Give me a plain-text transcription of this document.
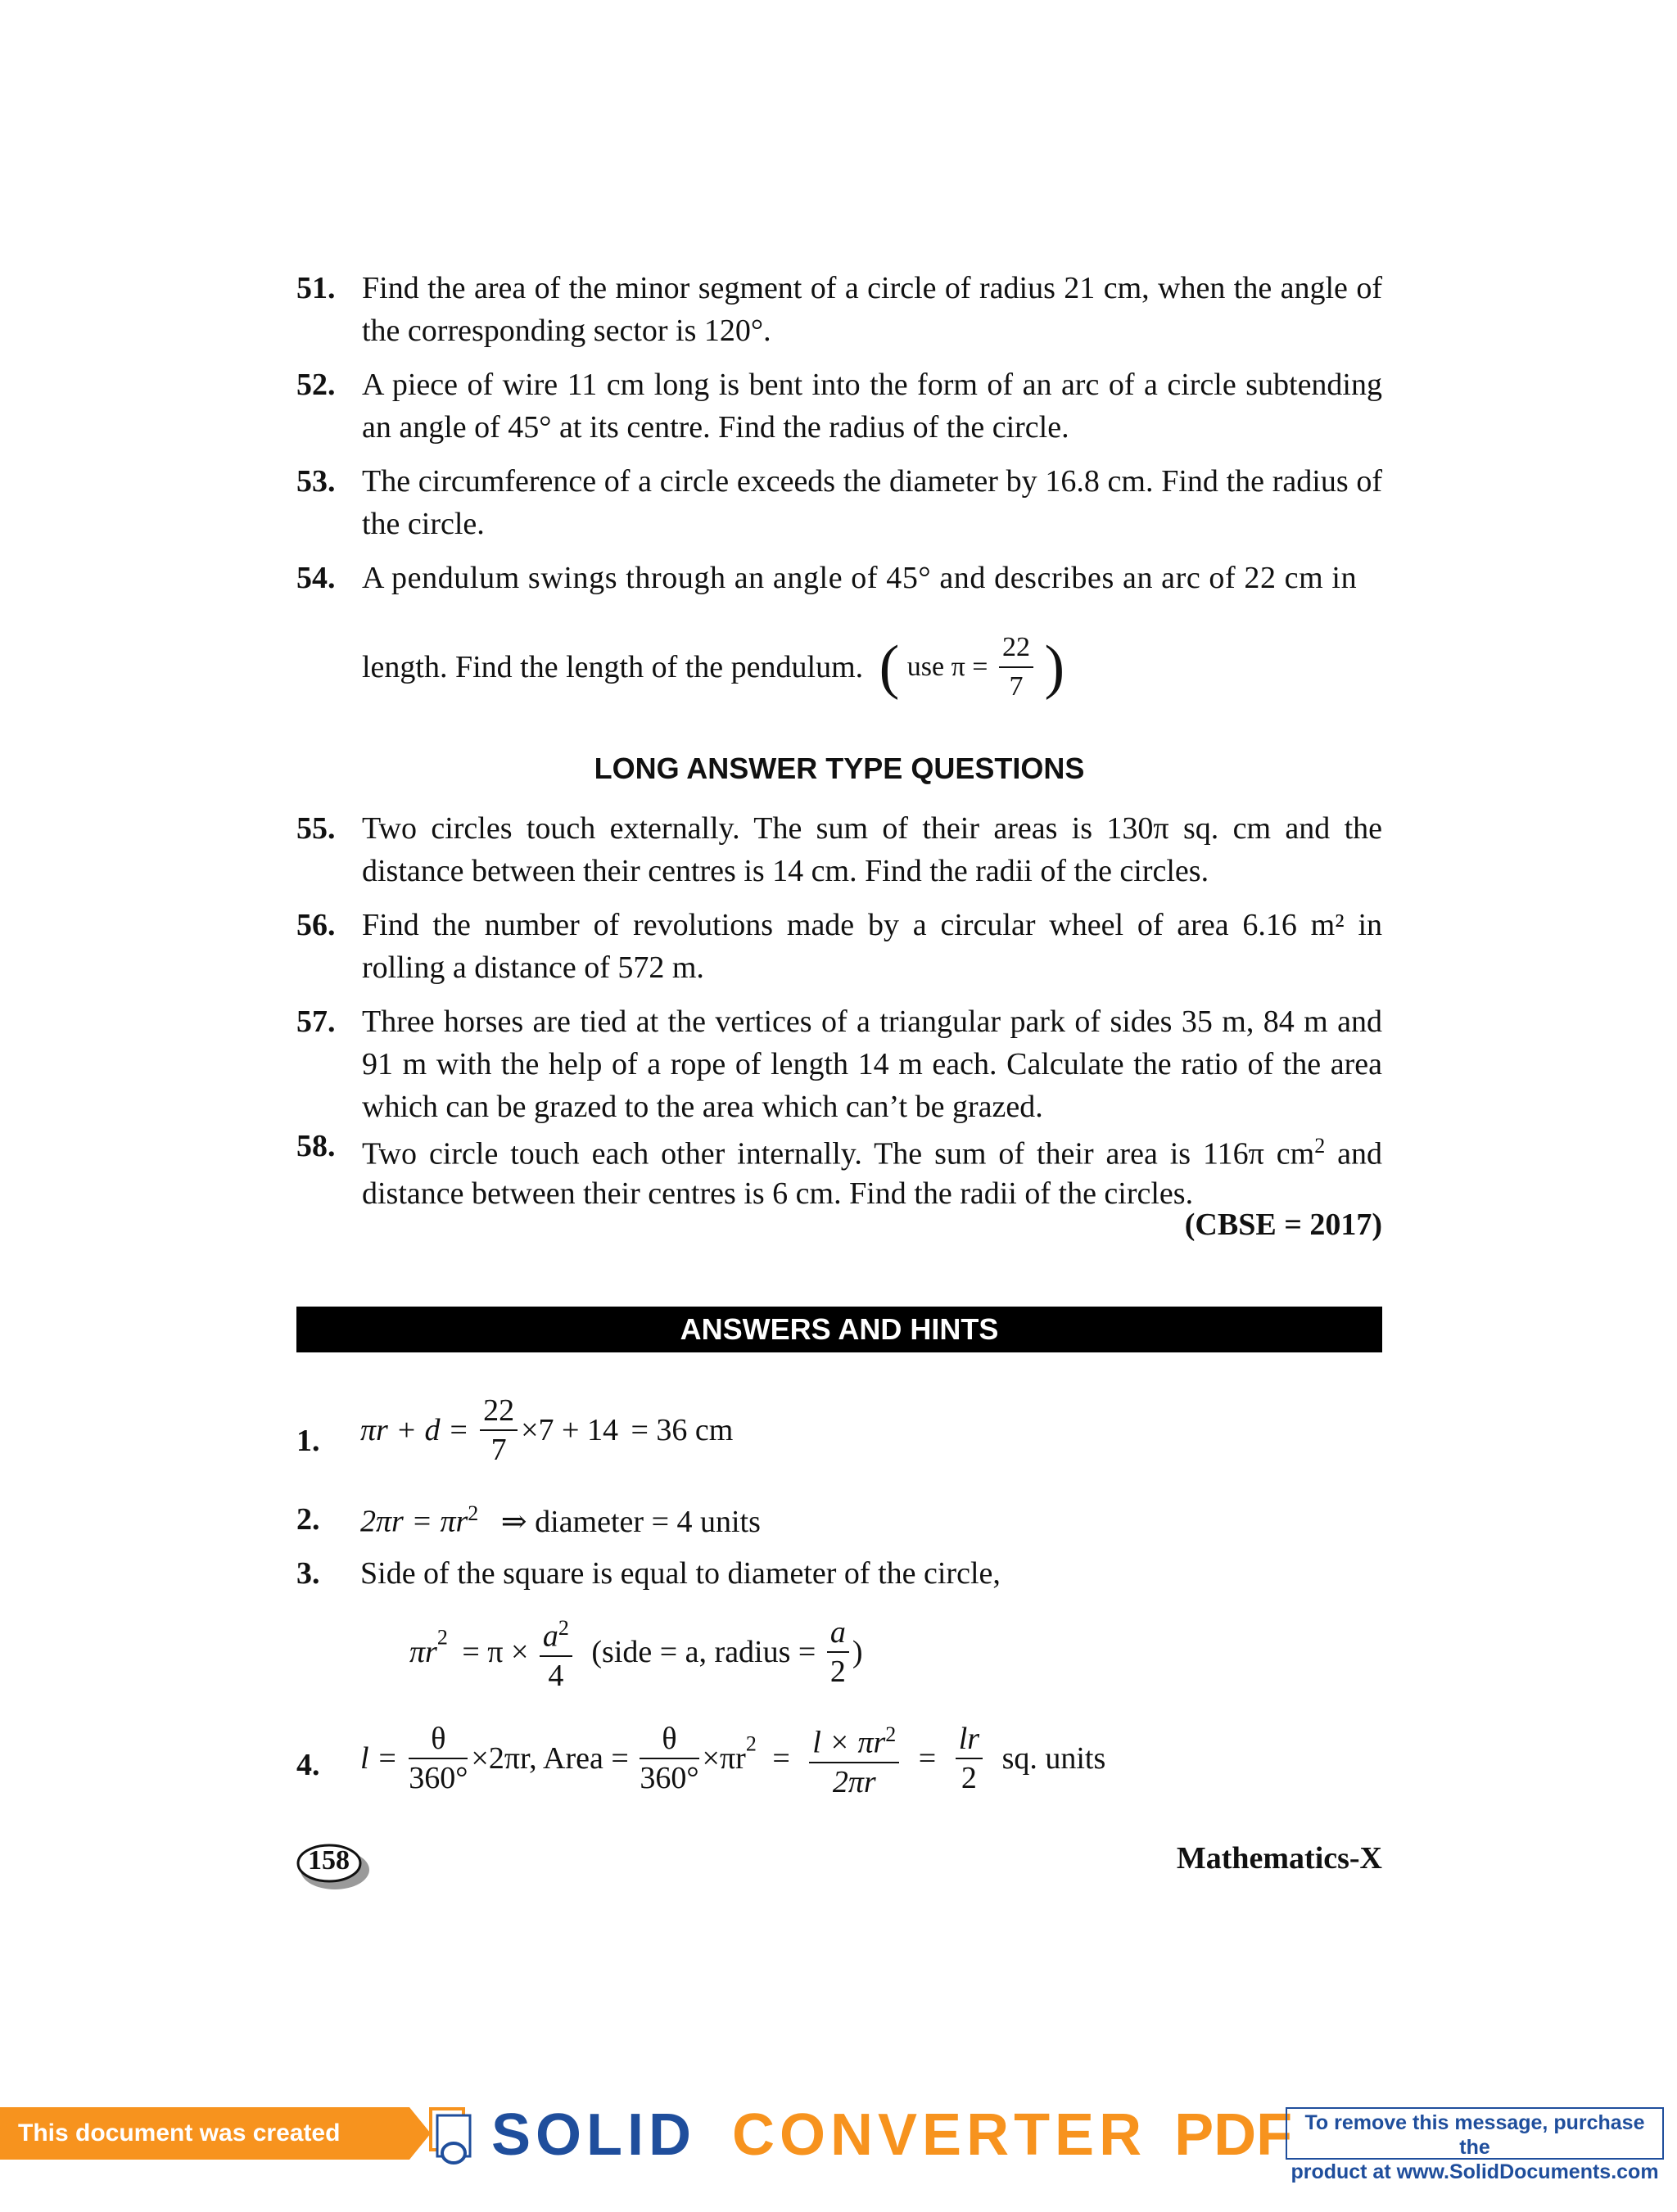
51. Find the area of the minor segment of a circle of radius 21 cm, when the angle of the corresponding sector is 120°.
52. A piece of wire 11 cm long is bent into the form of an arc of a circle subtending an angle of 45° at its centre. Find the radius of the circle.
53. The circumference of a circle exceeds the diameter by 16.8 cm. Find the radius of the circle.
54. A pendulum swings through an angle of 45° and describes an arc of 22 cm in
length. Find the length of the pendulum. ( use $\pi = \frac{22}{7}$ )
LONG ANSWER TYPE QUESTIONS
55. Two circles touch externally. The sum of their areas is 130π sq. cm and the distance between their centres is 14 cm. Find the radii of the circles.
56. Find the number of revolutions made by a circular wheel of area 6.16 m² in rolling a distance of 572 m.
57. Three horses are tied at the vertices of a triangular park of sides 35 m, 84 m and 91 m with the help of a rope of length 14 m each. Calculate the ratio of the area which can be grazed to the area which can’t be grazed.
58. Two circle touch each other internally. The sum of their area is 116π $cm^2$ and distance between their centres is 6 cm. Find the radii of the circles.
(CBSE = 2017)
ANSWERS AND HINTS
1. $\pi r + d = \frac{22}{7} \times 7 + 14 = 36$ cm
2. $2\pi r = \pi r^2$ ⇒ diameter = 4 units
3. Side of the square is equal to diameter of the circle,
$\pi r^2 = \pi \times \frac{a^2}{4}$ (side = a, radius = $\frac{a}{2}$ )
4. $l = \frac{\theta}{360^\circ} \times 2\pi r$, Area = $\frac{\theta}{360^\circ} \times\pi r^2 = \frac{l \times \pi r^2}{2\pi r} = \frac{lr}{2}$ sq. units
158	Mathematics-X
This document was created using
SOLID CONVERTER PDF To remove this message, purchase the
product at www.SolidDocuments.com
